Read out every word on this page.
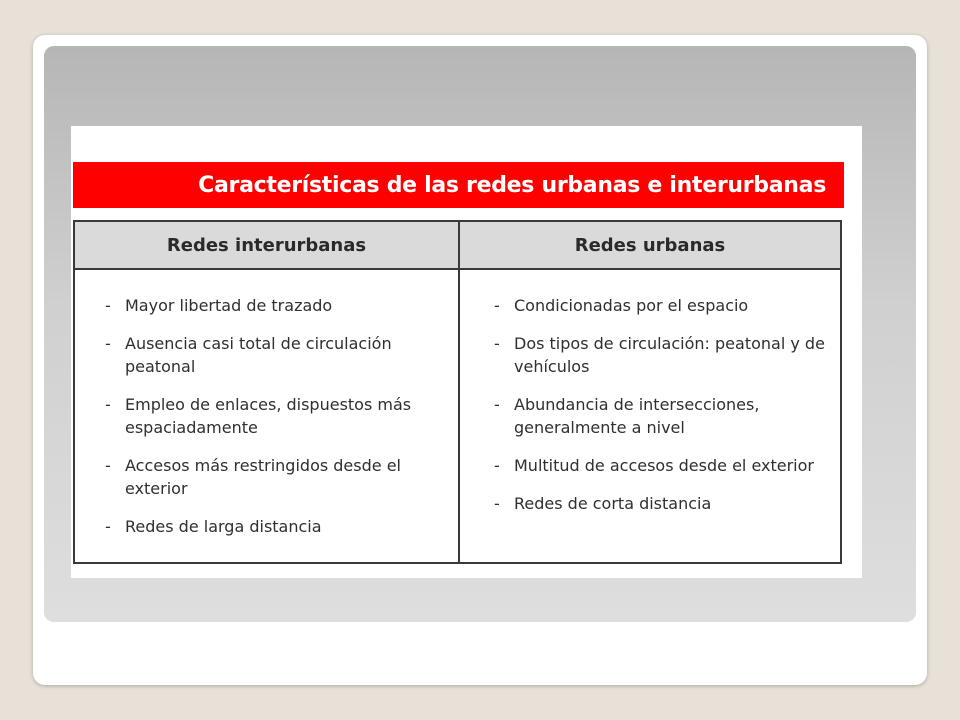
Características de las redes urbanas e interurbanas
Redes interurbanas	Redes urbanas
- Mayor libertad de trazado
- Ausencia casi total de circulación peatonal
- Empleo de enlaces, dispuestos más espaciadamente
- Accesos más restringidos desde el exterior
- Redes de larga distancia
- Condicionadas por el espacio
- Dos tipos de circulación: peatonal y de vehículos
- Abundancia de intersecciones, generalmente a nivel
- Multitud de accesos desde el exterior
- Redes de corta distancia
